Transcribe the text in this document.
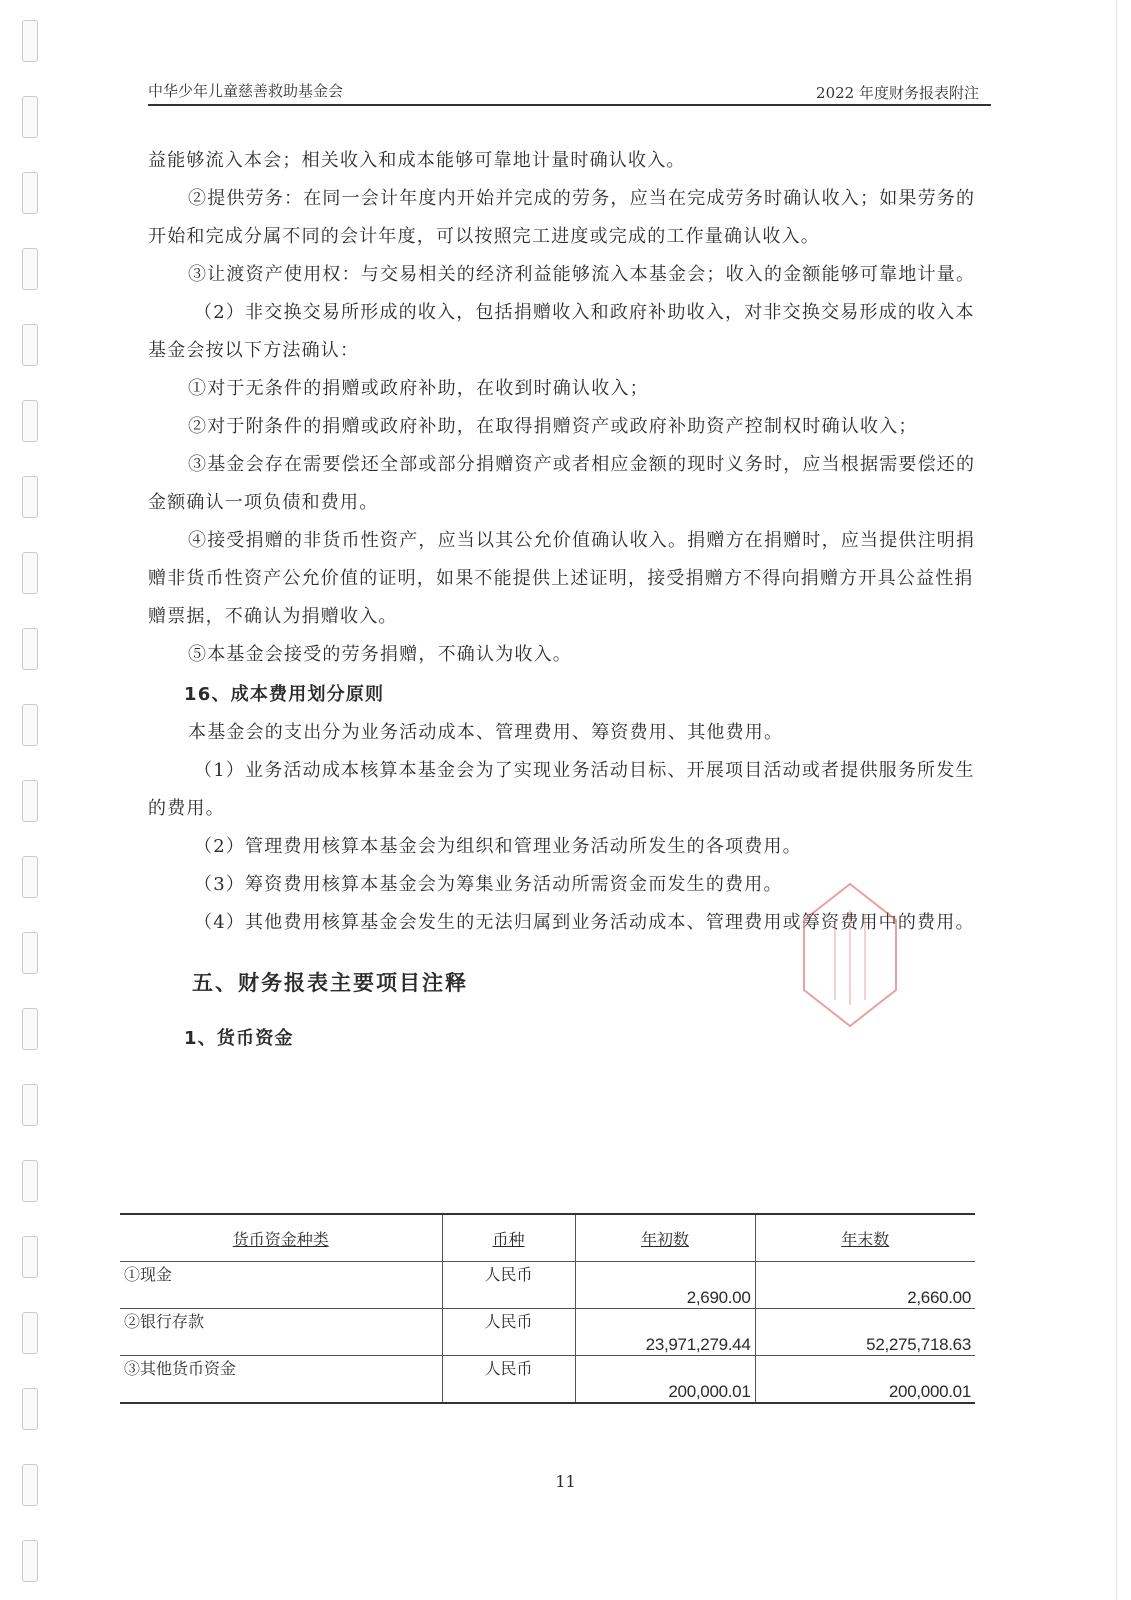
中华少年儿童慈善救助基金会	2022 年度财务报表附注

益能够流入本会；相关收入和成本能够可靠地计量时确认收入。

②提供劳务：在同一会计年度内开始并完成的劳务，应当在完成劳务时确认收入；如果劳务的开始和完成分属不同的会计年度，可以按照完工进度或完成的工作量确认收入。

③让渡资产使用权：与交易相关的经济利益能够流入本基金会；收入的金额能够可靠地计量。

（2）非交换交易所形成的收入，包括捐赠收入和政府补助收入，对非交换交易形成的收入本基金会按以下方法确认：

①对于无条件的捐赠或政府补助，在收到时确认收入；

②对于附条件的捐赠或政府补助，在取得捐赠资产或政府补助资产控制权时确认收入；

③基金会存在需要偿还全部或部分捐赠资产或者相应金额的现时义务时，应当根据需要偿还的金额确认一项负债和费用。

④接受捐赠的非货币性资产，应当以其公允价值确认收入。捐赠方在捐赠时，应当提供注明捐赠非货币性资产公允价值的证明，如果不能提供上述证明，接受捐赠方不得向捐赠方开具公益性捐赠票据，不确认为捐赠收入。

⑤本基金会接受的劳务捐赠，不确认为收入。

16、成本费用划分原则

本基金会的支出分为业务活动成本、管理费用、筹资费用、其他费用。

（1）业务活动成本核算本基金会为了实现业务活动目标、开展项目活动或者提供服务所发生的费用。

（2）管理费用核算本基金会为组织和管理业务活动所发生的各项费用。

（3）筹资费用核算本基金会为筹集业务活动所需资金而发生的费用。

（4）其他费用核算基金会发生的无法归属到业务活动成本、管理费用或筹资费用中的费用。

五、财务报表主要项目注释

1、货币资金

货币资金种类	币种	年初数	年末数
①现金	人民币	2,690.00	2,660.00
②银行存款	人民币	23,971,279.44	52,275,718.63
③其他货币资金	人民币	200,000.01	200,000.01
11
